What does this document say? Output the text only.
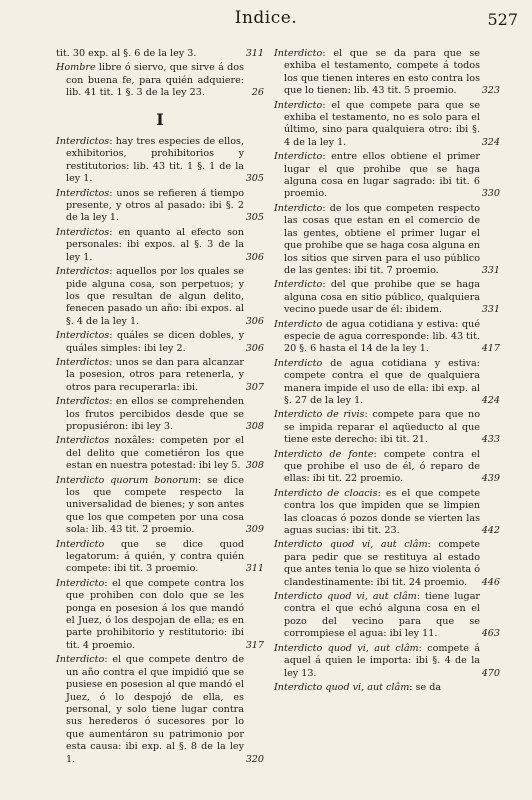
Indice.	527
tit. 30 exp. al §. 6 de la ley 3.	311
Hombre libre ó siervo, que sirve á dos con buena fe, para quién adquiere: lib. 41 tit. 1 §. 3 de la ley 23.	26
I
Interdictos: hay tres especies de ellos, exhibitorios, prohibitorios y restitutorios: lib. 43 tit. 1 §. 1 de la ley 1.	305
Interdictos: unos se refieren á tiempo presente, y otros al pasado: ibi §. 2 de la ley 1.	305
Interdictos: en quanto al efecto son personales: ibi expos. al §. 3 de la ley 1.	306
Interdictos: aquellos por los quales se pide alguna cosa, son perpetuos; y los que resultan de algun delito, fenecen pasado un año: ibi expos. al §. 4 de la ley 1.	306
Interdictos: quáles se dicen dobles, y quáles simples: ibi ley 2.	306
Interdictos: unos se dan para alcanzar la posesion, otros para retenerla, y otros para recuperarla: ibi.	307
Interdictos: en ellos se comprehenden los frutos percibidos desde que se propusiéron: ibi ley 3.	308
Interdictos noxâles: competen por el del delito que cometiéron los que estan en nuestra potestad: ibi ley 5. 308
Interdicto quorum bonorum: se dice los que compete respecto la universalidad de bienes; y son antes que los que competen por una cosa sola: lib. 43 tit. 2 proemio.	309
Interdicto que se dice quod legatorum: á quién, y contra quién compete: ibi tit. 3 proemio.	311
Interdicto: el que compete contra los que prohiben con dolo que se les ponga en posesion á los que mandó el Juez, ó los despojan de ella; es en parte prohibitorio y restitutorio: ibi tit. 4 proemio.	317
Interdicto: el que compete dentro de un año contra el que impidió que se pusiese en posesion al que mandó el Juez, ó lo despojó de ella, es personal, y solo tiene lugar contra sus herederos ó sucesores por lo que aumentáron su patrimonio por esta causa: ibi exp. al §. 8 de la ley 1.	320
Interdicto: el que se da para que se exhiba el testamento, compete á todos los que tienen interes en esto contra los que lo tienen: lib. 43 tit. 5 proemio.	323
Interdicto: el que compete para que se exhiba el testamento, no es solo para el último, sino para qualquiera otro: ibi §. 4 de la ley 1.	324
Interdicto: entre ellos obtiene el primer lugar el que prohibe que se haga alguna cosa en lugar sagrado: ibi tit. 6 proemio.	330
Interdicto: de los que competen respecto las cosas que estan en el comercio de las gentes, obtiene el primer lugar el que prohibe que se haga cosa alguna en los sitios que sirven para el uso público de las gentes: ibi tit. 7 proemio.	331
Interdicto: del que prohibe que se haga alguna cosa en sitio público, qualquiera vecino puede usar de él: ibidem.	331
Interdicto de agua cotidiana y estiva: qué especie de agua corresponde: lib. 43 tit. 20 §. 6 hasta el 14 de la ley 1.	417
Interdicto de agua cotidiana y estiva: compete contra el que de qualquiera manera impide el uso de ella: ibi exp. al §. 27 de la ley 1.	424
Interdicto de rivis: compete para que no se impida reparar el aqüeducto al que tiene este derecho: ibi tit. 21.	433
Interdicto de fonte: compete contra el que prohibe el uso de él, ó reparo de ellas: ibi tit. 22 proemio.	439
Interdicto de cloacis: es el que compete contra los que impiden que se limpien las cloacas ó pozos donde se vierten las aguas sucias: ibi tit. 23.	442
Interdicto quod vi, aut clâm: compete para pedir que se restituya al estado que antes tenia lo que se hizo violenta ó clandestinamente: ibi tit. 24 proemio. 446
Interdicto quod vi, aut clâm: tiene lugar contra el que echó alguna cosa en el pozo del vecino para que se corrompiese el agua: ibi ley 11.	463
Interdicto quod vi, aut clâm: compete á aquel á quien le importa: ibi §. 4 de la ley 13.	470
Interdicto quod vi, aut clâm: se da
